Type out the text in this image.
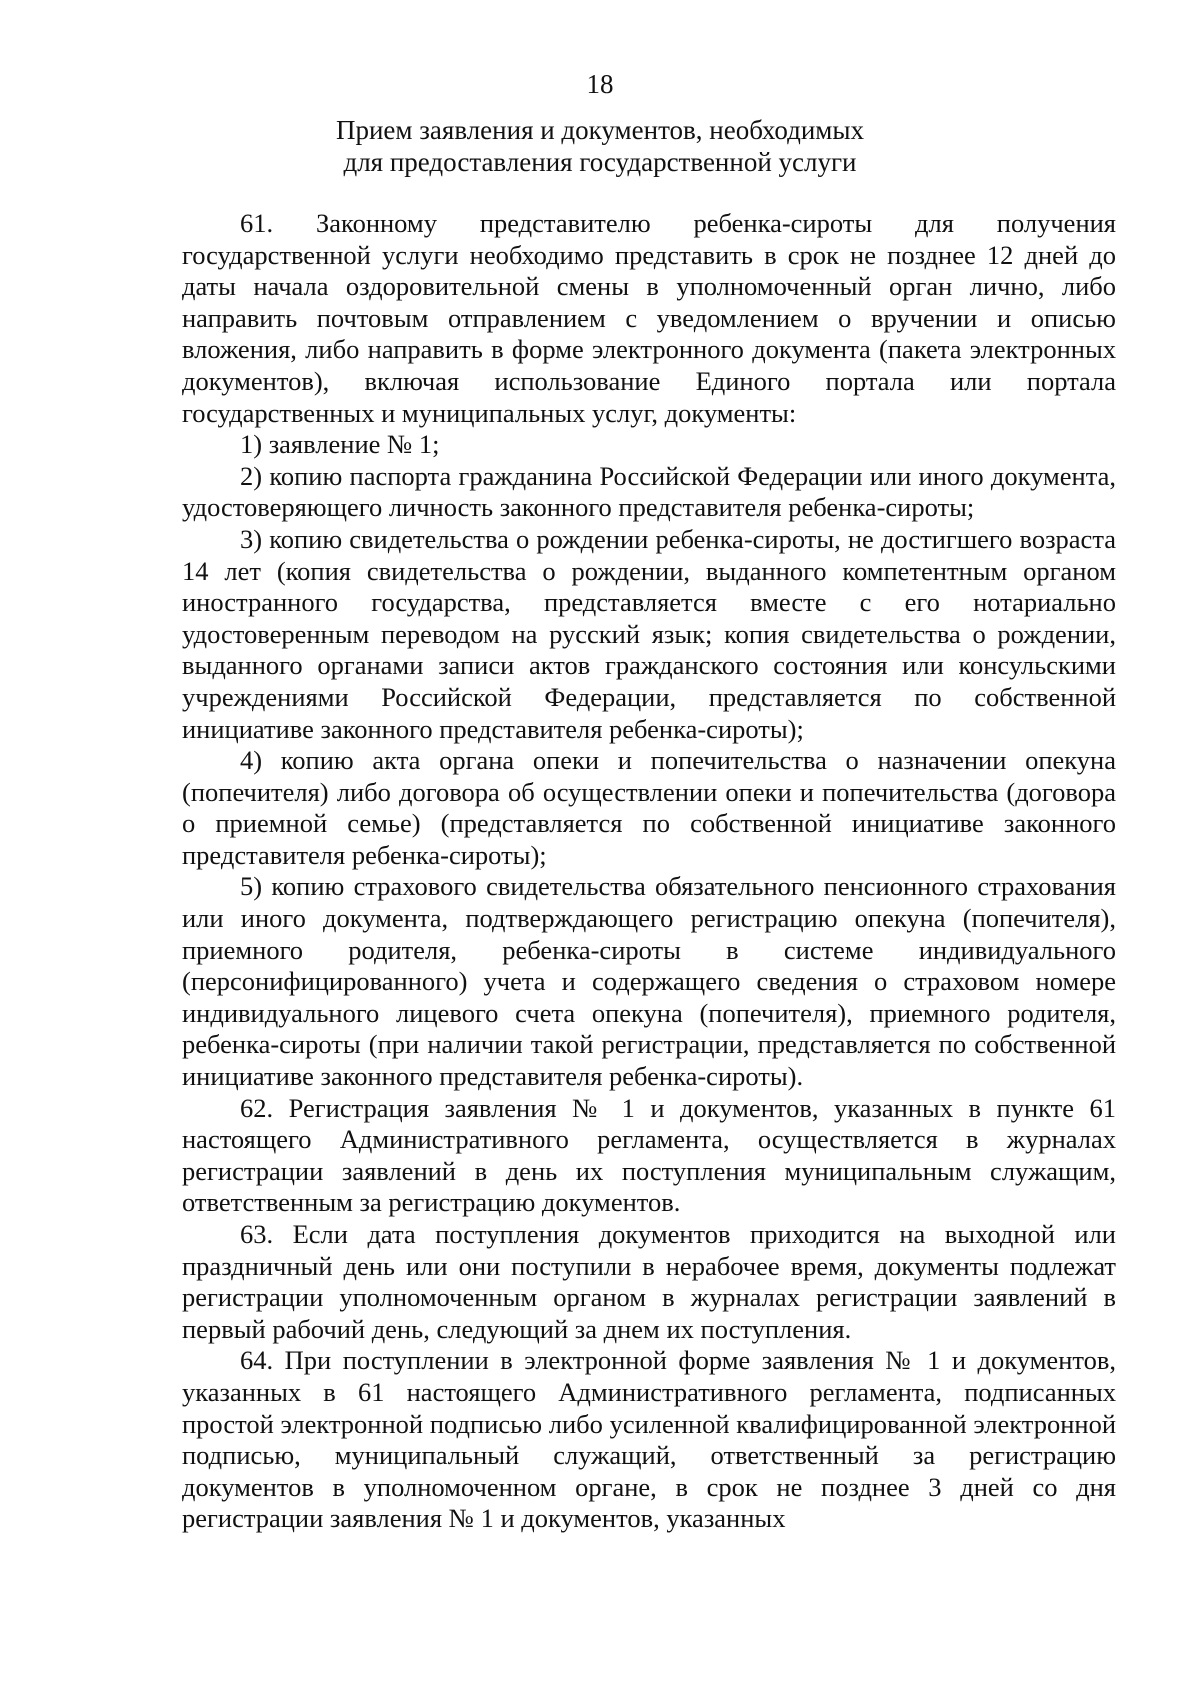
18
Прием заявления и документов, необходимых
для предоставления государственной услуги

61. Законному представителю ребенка-сироты для получения государственной услуги необходимо представить в срок не позднее 12 дней до даты начала оздоровительной смены в уполномоченный орган лично, либо направить почтовым отправлением с уведомлением о вручении и описью вложения, либо направить в форме электронного документа (пакета электронных документов), включая использование Единого портала или портала государственных и муниципальных услуг, документы:

1) заявление № 1;

2) копию паспорта гражданина Российской Федерации или иного документа, удостоверяющего личность законного представителя ребенка-сироты;

3) копию свидетельства о рождении ребенка-сироты, не достигшего возраста 14 лет (копия свидетельства о рождении, выданного компетентным органом иностранного государства, представляется вместе с его нотариально удостоверенным переводом на русский язык; копия свидетельства о рождении, выданного органами записи актов гражданского состояния или консульскими учреждениями Российской Федерации, представляется по собственной инициативе законного представителя ребенка-сироты);

4) копию акта органа опеки и попечительства о назначении опекуна (попечителя) либо договора об осуществлении опеки и попечительства (договора о приемной семье) (представляется по собственной инициативе законного представителя ребенка-сироты);

5) копию страхового свидетельства обязательного пенсионного страхования или иного документа, подтверждающего регистрацию опекуна (попечителя), приемного родителя, ребенка-сироты в системе индивидуального (персонифицированного) учета и содержащего сведения о страховом номере индивидуального лицевого счета опекуна (попечителя), приемного родителя, ребенка-сироты (при наличии такой регистрации, представляется по собственной инициативе законного представителя ребенка-сироты).

62. Регистрация заявления № 1 и документов, указанных в пункте 61 настоящего Административного регламента, осуществляется в журналах регистрации заявлений в день их поступления муниципальным служащим, ответственным за регистрацию документов.

63. Если дата поступления документов приходится на выходной или праздничный день или они поступили в нерабочее время, документы подлежат регистрации уполномоченным органом в журналах регистрации заявлений в первый рабочий день, следующий за днем их поступления.

64. При поступлении в электронной форме заявления № 1 и документов, указанных в 61 настоящего Административного регламента, подписанных простой электронной подписью либо усиленной квалифицированной электронной подписью, муниципальный служащий, ответственный за регистрацию документов в уполномоченном органе, в срок не позднее 3 дней со дня регистрации заявления № 1 и документов, указанных
